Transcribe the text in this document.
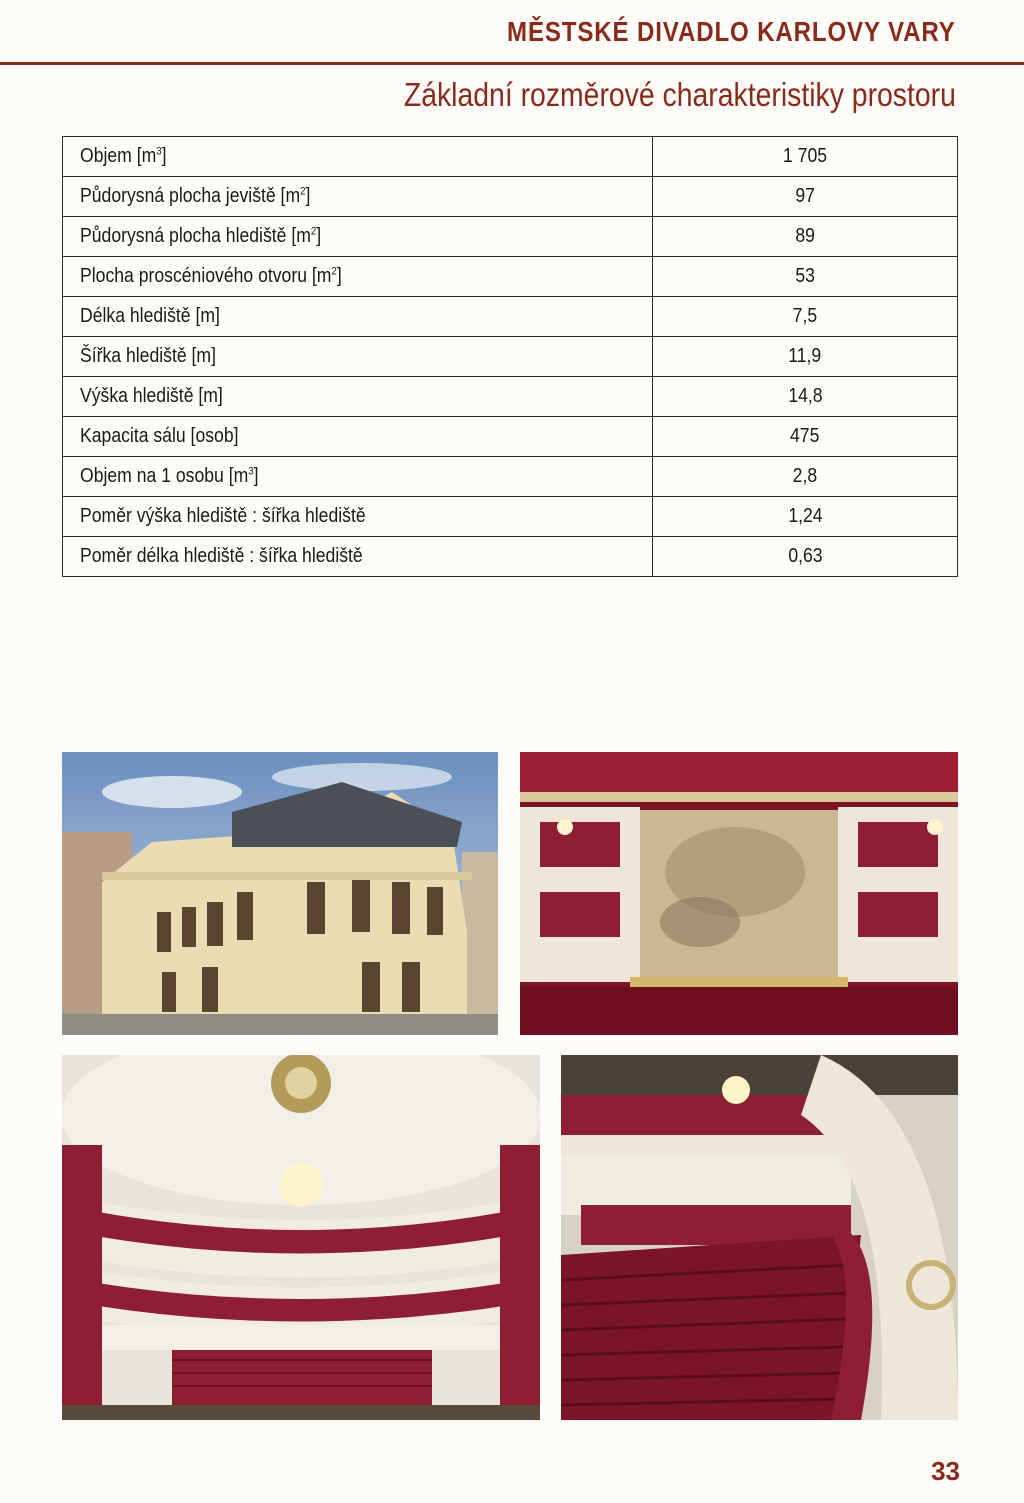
MĚSTSKÉ DIVADLO KARLOVY VARY
Základní rozměrové charakteristiky prostoru
Objem $[m^3]$	1 705
Půdorysná plocha jeviště $[m^2]$	97
Půdorysná plocha hlediště $[m^2]$	89
Plocha proscéniového otvoru $[m^2]$	53
Délka hlediště [m]	7,5
Šířka hlediště [m]	11,9
Výška hlediště [m]	14,8
Kapacita sálu [osob]	475
Objem na 1 osobu $[m^3]$	2,8
Poměr výška hlediště : šířka hlediště	1,24
Poměr délka hlediště : šířka hlediště	0,63
33
